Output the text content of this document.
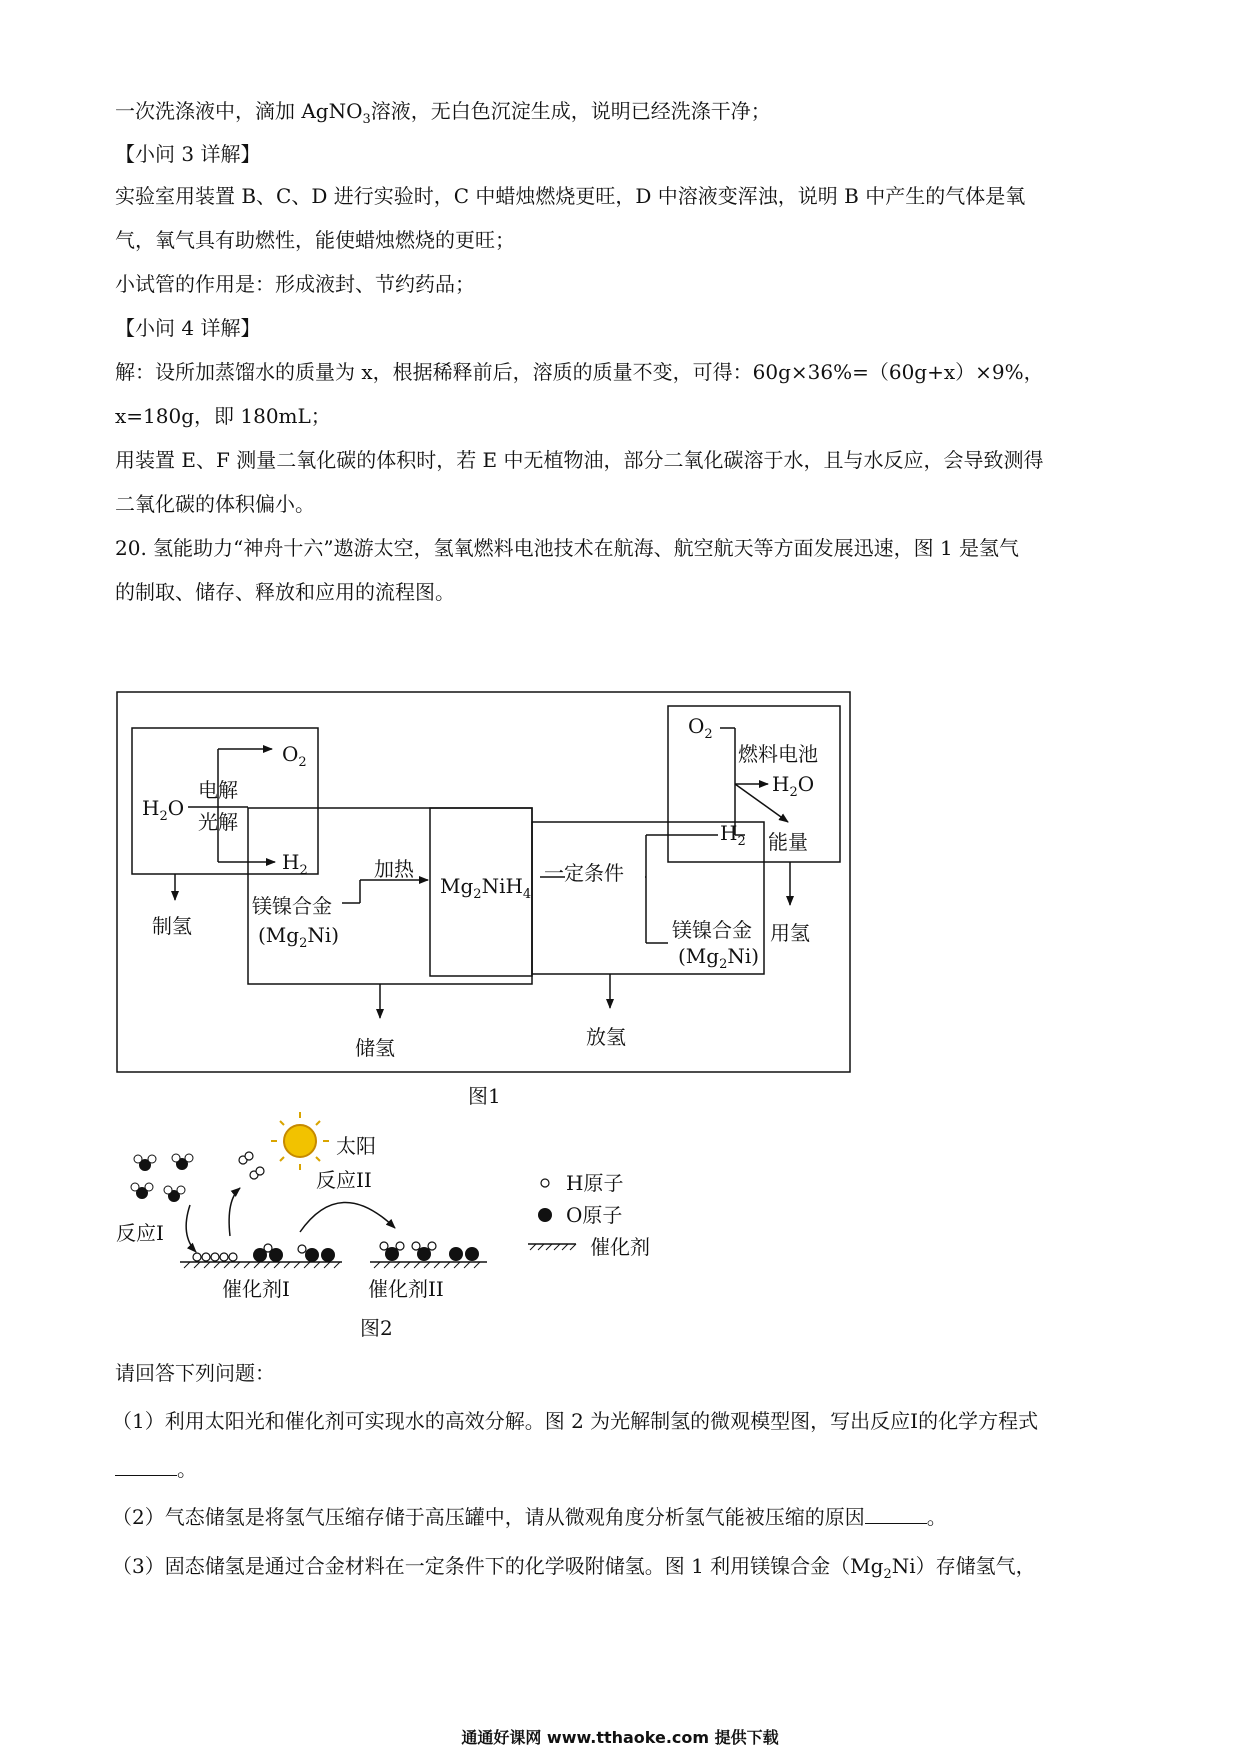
一次洗涤液中，滴加 AgNO$_3$溶液，无白色沉淀生成，说明已经洗涤干净；
【小问 3 详解】
实验室用装置 B、C、D 进行实验时，C 中蜡烛燃烧更旺，D 中溶液变浑浊，说明 B 中产生的气体是氧
气，氧气具有助燃性，能使蜡烛燃烧的更旺；
小试管的作用是：形成液封、节约药品；
【小问 4 详解】
解：设所加蒸馏水的质量为 x，根据稀释前后，溶质的质量不变，可得：60g×36%=（60g+x）×9%，
x=180g，即 180mL；
用装置 E、F 测量二氧化碳的体积时，若 E 中无植物油，部分二氧化碳溶于水，且与水反应，会导致测得
二氧化碳的体积偏小。
20. 氢能助力“神舟十六”遨游太空，氢氧燃料电池技术在航海、航空航天等方面发展迅速，图 1 是氢气
的制取、储存、释放和应用的流程图。
$H_2O$
电解
光解
$O_2$
$H_2$	加热
$Mg_2NiH_4$
镁镍合金
$(Mg_2Ni)$
制氢
储氢
一定条件
放氢
镁镍合金
$(Mg_2Ni)$
$O_2$
燃料电池
$H_2O$
$H_2$ 能量
用氢
图1
太阳
反应I
反应II
催化剂I	催化剂II
H原子
O原子
催化剂
图2
请回答下列问题：
（1）利用太阳光和催化剂可实现水的高效分解。图 2 为光解制氢的微观模型图，写出反应Ⅰ的化学方程式
。
（2）气态储氢是将氢气压缩存储于高压罐中，请从微观角度分析氢气能被压缩的原因	。
（3）固态储氢是通过合金材料在一定条件下的化学吸附储氢。图 1 利用镁镍合金$(Mg_2Ni)$存储氢气，
通通好课网 www.tthaoke.com 提供下载
